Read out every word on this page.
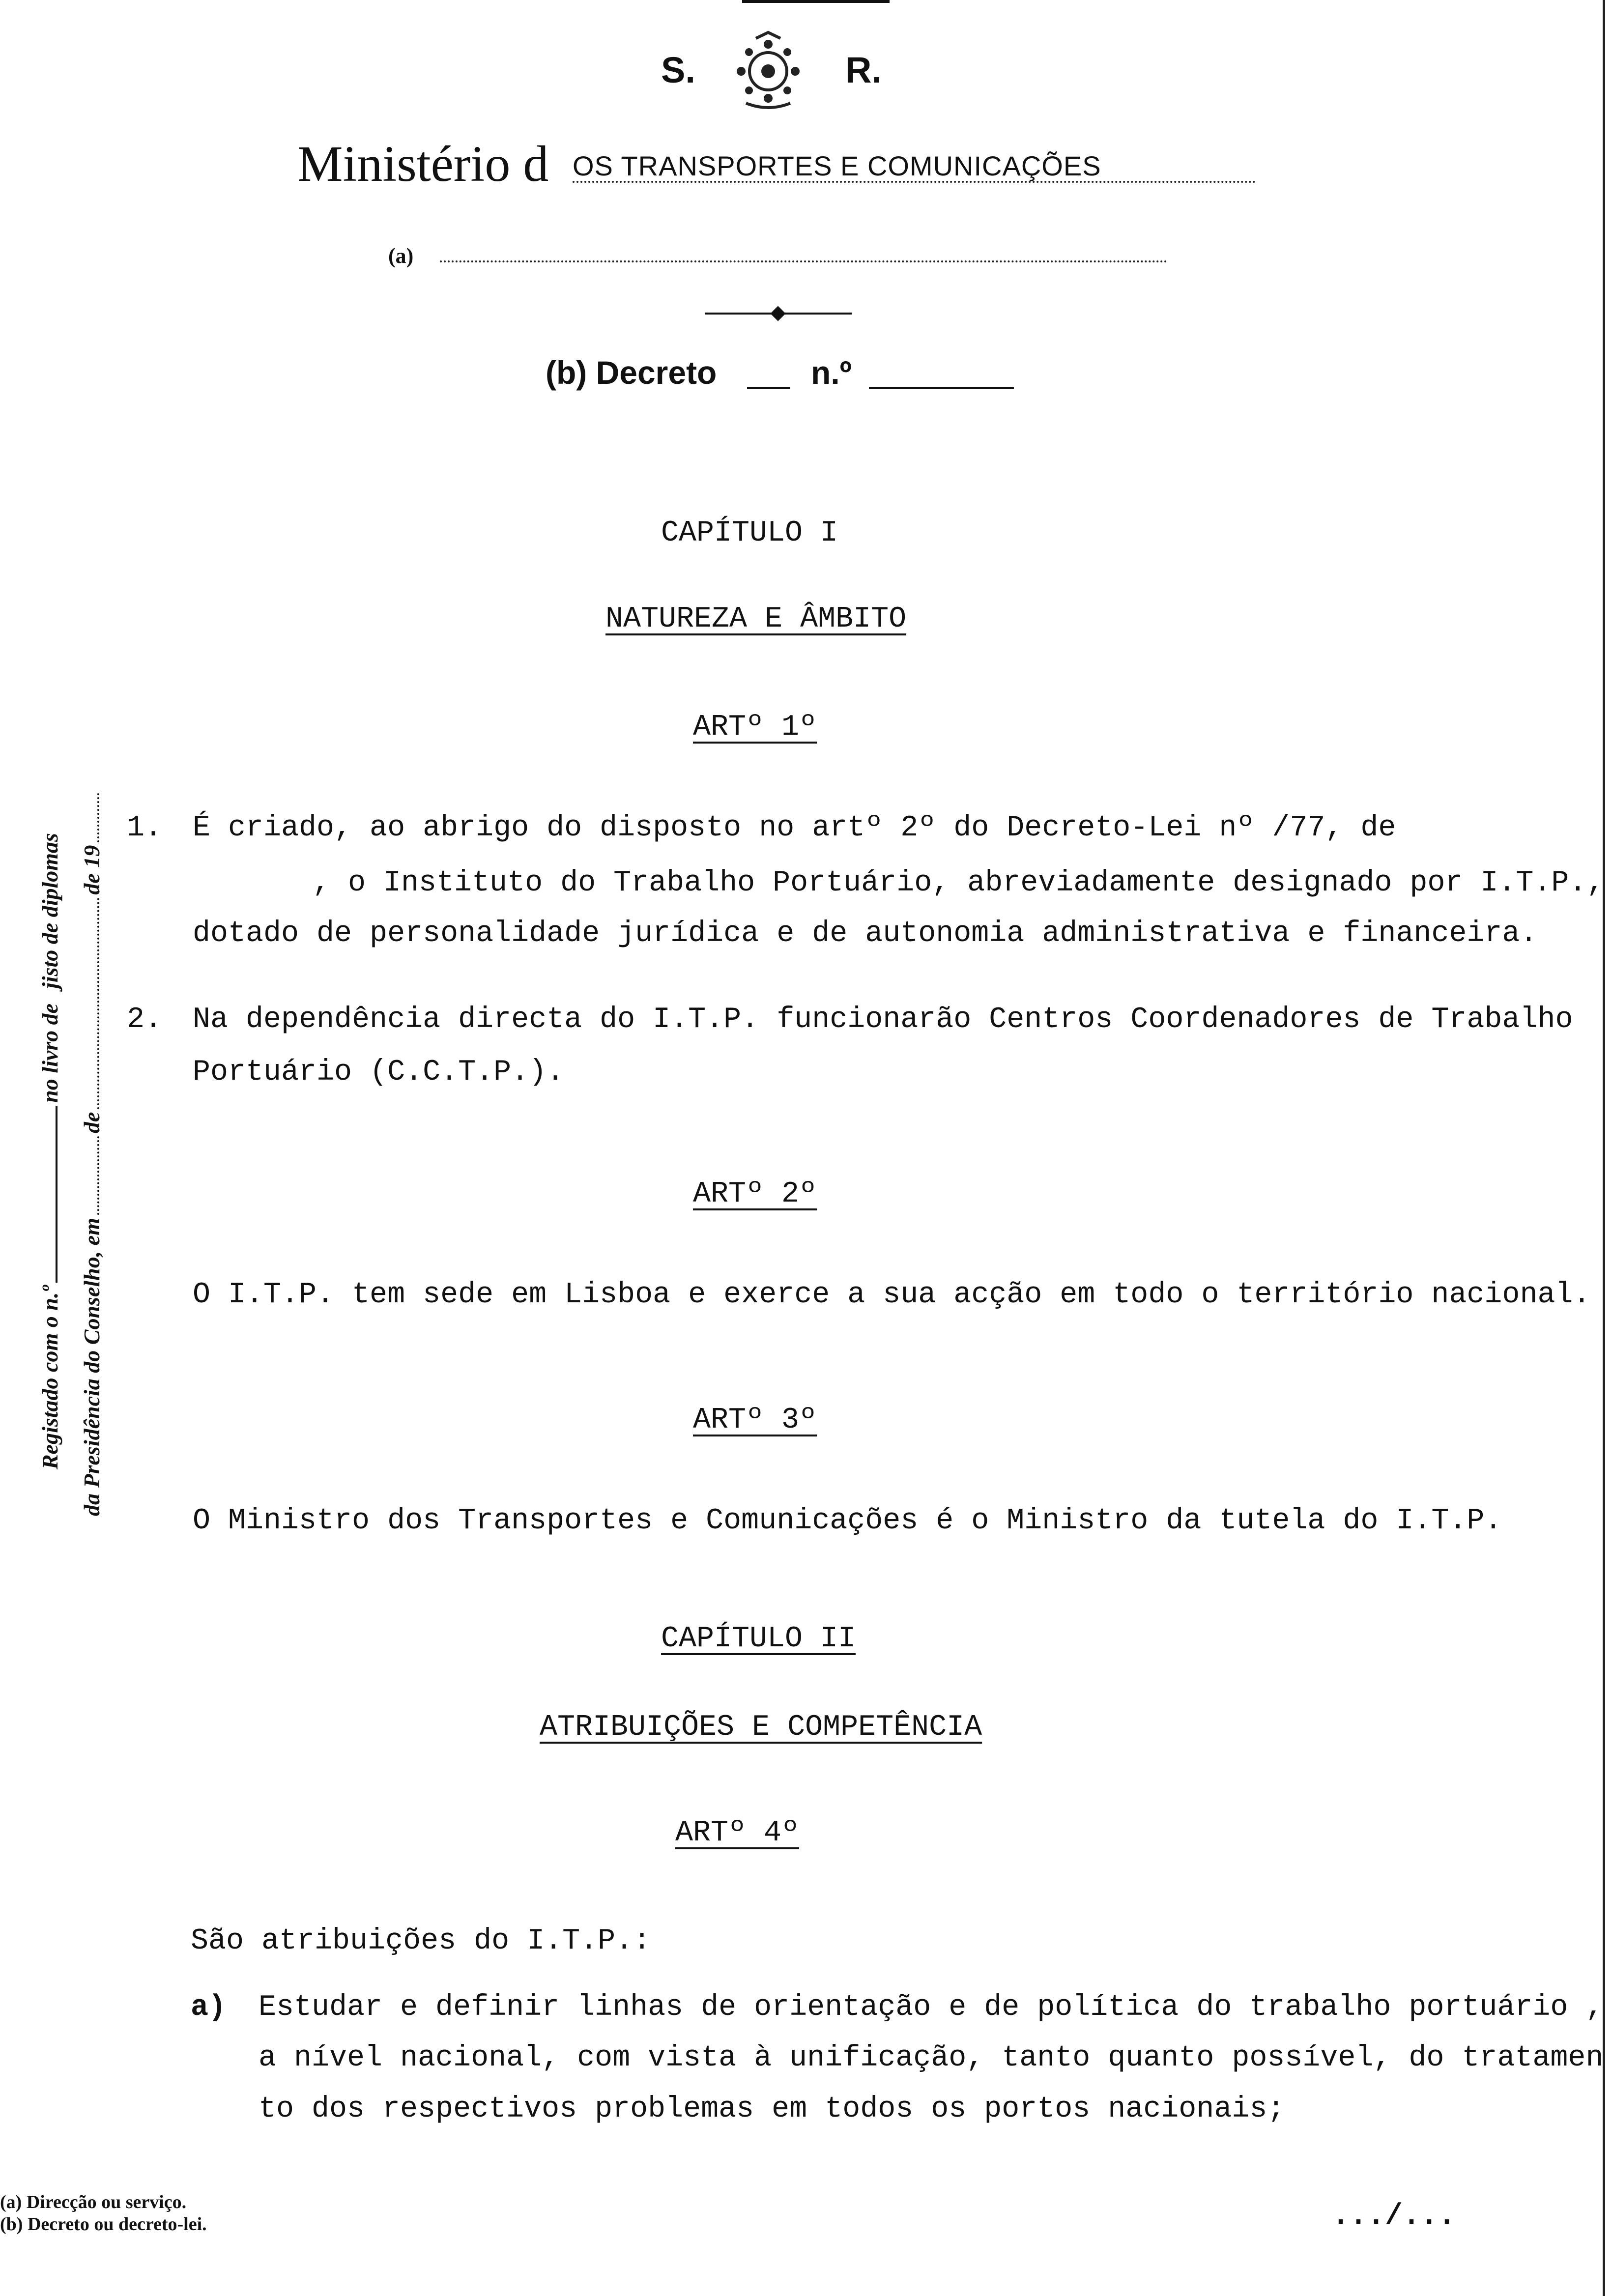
S.	R.
Ministério d OS TRANSPORTES E COMUNICAÇÕES
(a)
(b) Decreto	n.º
Registado com o n.ºno livro dejisto de diplomas
da Presidência do Conselho, emdede 19
CAPÍTULO I
NATUREZA E ÂMBITO
ARTº 1º
1. É criado, ao abrigo do disposto no artº 2º do Decreto-Lei nº /77, de
, o Instituto do Trabalho Portuário, abreviadamente designado por I.T.P.,
dotado de personalidade jurídica e de autonomia administrativa e financeira.
2. Na dependência directa do I.T.P. funcionarão Centros Coordenadores de Trabalho
Portuário (C.C.T.P.).
ARTº 2º
O I.T.P. tem sede em Lisboa e exerce a sua acção em todo o território nacional.
ARTº 3º
O Ministro dos Transportes e Comunicações é o Ministro da tutela do I.T.P.
CAPÍTULO II
ATRIBUIÇÕES E COMPETÊNCIA
ARTº 4º
São atribuições do I.T.P.:
a) Estudar e definir linhas de orientação e de política do trabalho portuário ,
a nível nacional, com vista à unificação, tanto quanto possível, do tratamen
to dos respectivos problemas em todos os portos nacionais;
(a) Direcção ou serviço.
(b) Decreto ou decreto-lei.	.../...
